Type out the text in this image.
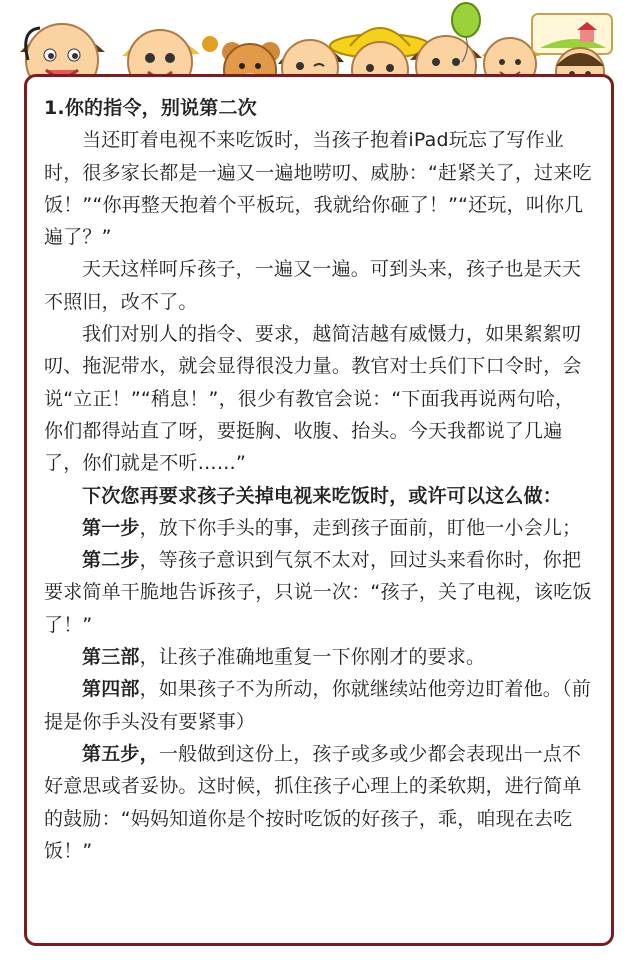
1.你的指令，别说第二次

当还盯着电视不来吃饭时，当孩子抱着iPad玩忘了写作业时，很多家长都是一遍又一遍地唠叨、威胁：“赶紧关了，过来吃饭！”“你再整天抱着个平板玩，我就给你砸了！”“还玩，叫你几遍了？”

天天这样呵斥孩子，一遍又一遍。可到头来，孩子也是天天不照旧，改不了。

我们对别人的指令、要求，越简洁越有威慑力，如果絮絮叨叨、拖泥带水，就会显得很没力量。教官对士兵们下口令时，会说“立正！”“稍息！”，很少有教官会说：“下面我再说两句哈，你们都得站直了呀，要挺胸、收腹、抬头。今天我都说了几遍了，你们就是不听……”

下次您再要求孩子关掉电视来吃饭时，或许可以这么做：

第一步，放下你手头的事，走到孩子面前，盯他一小会儿；

第二步，等孩子意识到气氛不太对，回过头来看你时，你把要求简单干脆地告诉孩子，只说一次：“孩子，关了电视，该吃饭了！”

第三部，让孩子准确地重复一下你刚才的要求。

第四部，如果孩子不为所动，你就继续站他旁边盯着他。（前提是你手头没有要紧事）

第五步，一般做到这份上，孩子或多或少都会表现出一点不好意思或者妥协。这时候，抓住孩子心理上的柔软期，进行简单的鼓励：“妈妈知道你是个按时吃饭的好孩子，乖，咱现在去吃饭！”
